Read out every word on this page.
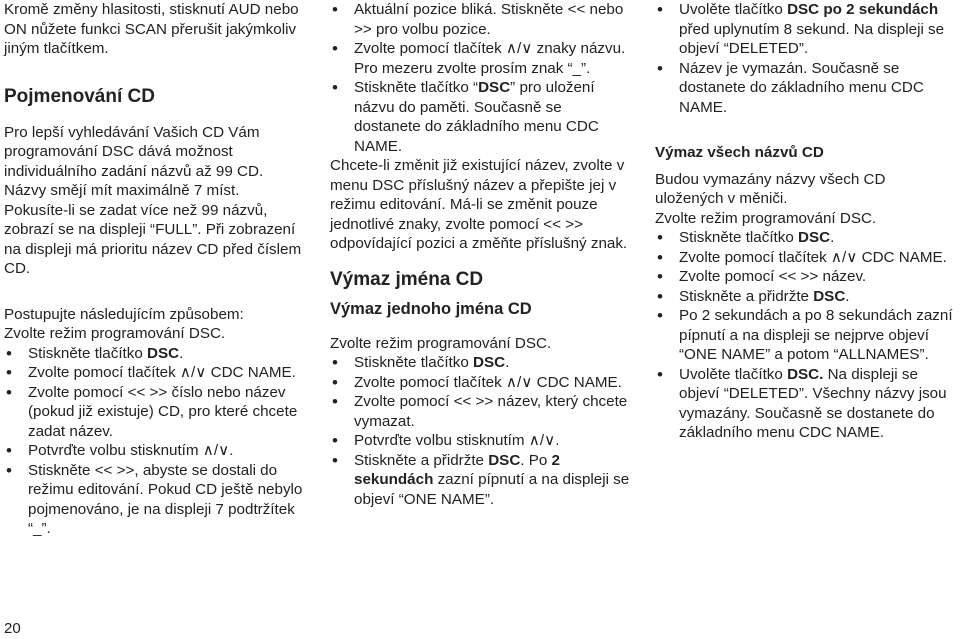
Kromě změny hlasitosti, stisknutí AUD nebo ON nůžete funkci SCAN přerušit jakýmkoliv jiným tlačítkem.

Pojmenování CD

Pro lepší vyhledávání Vašich CD Vám programování DSC dává možnost individuálního zadání názvů až 99 CD. Názvy smějí mít maximálně 7 míst.

Pokusíte-li se zadat více než 99 názvů, zobrazí se na displeji “FULL”. Při zobrazení na displeji má prioritu název CD před číslem CD.

Postupujte následujícím způsobem:

Zvolte režim programování DSC.

• Stiskněte tlačítko DSC.
• Zvolte pomocí tlačítek ∧/∨ CDC NAME.
• Zvolte pomocí << >> číslo nebo název (pokud již existuje) CD, pro které chcete zadat název.
• Potvrďte volbu stisknutím ∧/∨.
• Stiskněte << >>, abyste se dostali do režimu editování. Pokud CD ještě nebylo pojmenováno, je na displeji 7 podtržítek “_”.
• Aktuální pozice bliká. Stiskněte << nebo >> pro volbu pozice.
• Zvolte pomocí tlačítek ∧/∨ znaky názvu. Pro mezeru zvolte prosím znak “_”.
• Stiskněte tlačítko “DSC” pro uložení názvu do paměti. Současně se dostanete do základního menu CDC NAME.

Chcete-li změnit již existující název, zvolte v menu DSC příslušný název a přepište jej v režimu editování. Má-li se změnit pouze jednotlivé znaky, zvolte pomocí << >> odpovídající pozici a změňte příslušný znak.

Výmaz jména CD
Výmaz jednoho jména CD

Zvolte režim programování DSC.

• Stiskněte tlačítko DSC.
• Zvolte pomocí tlačítek ∧/∨ CDC NAME.
• Zvolte pomocí << >> název, který chcete vymazat.
• Potvrďte volbu stisknutím ∧/∨.
• Stiskněte a přidržte DSC. Po 2 sekundách zazní pípnutí a na displeji se objeví “ONE NAME”.
• Uvolěte tlačítko DSC po 2 sekundách před uplynutím 8 sekund. Na displeji se objeví “DELETED”.
• Název je vymazán. Současně se dostanete do základního menu CDC NAME.
Výmaz všech názvů CD

Budou vymazány názvy všech CD uložených v měniči.

Zvolte režim programování DSC.

• Stiskněte tlačítko DSC.
• Zvolte pomocí tlačítek ∧/∨ CDC NAME.
• Zvolte pomocí << >> název.
• Stiskněte a přidržte DSC.
• Po 2 sekundách a po 8 sekundách zazní pípnutí a na displeji se nejprve objeví “ONE NAME” a potom “ALLNAMES”.
• Uvolěte tlačítko DSC. Na displeji se objeví “DELETED”. Všechny názvy jsou vymazány. Současně se dostanete do základního menu CDC NAME.
20
